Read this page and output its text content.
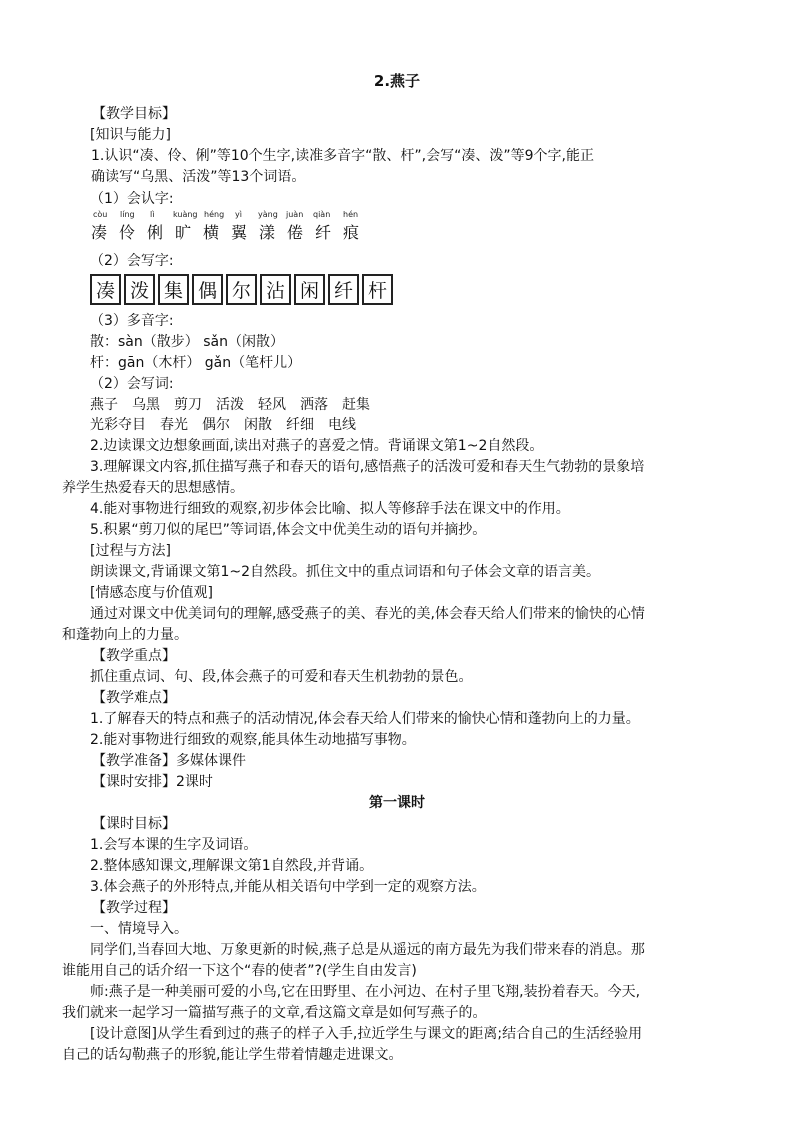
2.燕子
【教学目标】
[知识与能力]
1.认识“凑、伶、俐”等10个生字,读准多音字“散、杆”,会写“凑、泼”等9个字,能正
确读写“乌黑、活泼”等13个词语。
（1）会认字:
còu líng lì kuàng héng yì yàng juàn qiàn hén
凑 伶 俐 旷 横 翼 漾 倦 纤 痕
（2）会写字:
凑 泼 集 偶 尔 沾 闲 纤 杆
（3）多音字:
散：sàn（散步） sǎn（闲散）
杆：gān（木杆） gǎn（笔杆儿）
（2）会写词:
燕子 乌黑 剪刀 活泼 轻风 洒落 赶集
光彩夺目 春光 偶尔 闲散 纤细 电线
2.边读课文边想象画面,读出对燕子的喜爱之情。背诵课文第1~2自然段。
3.理解课文内容,抓住描写燕子和春天的语句,感悟燕子的活泼可爱和春天生气勃勃的景象培
养学生热爱春天的思想感情。
4.能对事物进行细致的观察,初步体会比喻、拟人等修辞手法在课文中的作用。
5.积累“剪刀似的尾巴”等词语,体会文中优美生动的语句并摘抄。
[过程与方法]
朗读课文,背诵课文第1~2自然段。抓住文中的重点词语和句子体会文章的语言美。
[情感态度与价值观]
通过对课文中优美词句的理解,感受燕子的美、春光的美,体会春天给人们带来的愉快的心情
和蓬勃向上的力量。
【教学重点】
抓住重点词、句、段,体会燕子的可爱和春天生机勃勃的景色。
【教学难点】
1.了解春天的特点和燕子的活动情况,体会春天给人们带来的愉快心情和蓬勃向上的力量。
2.能对事物进行细致的观察,能具体生动地描写事物。
【教学准备】多媒体课件
【课时安排】2课时
第一课时
【课时目标】
1.会写本课的生字及词语。
2.整体感知课文,理解课文第1自然段,并背诵。
3.体会燕子的外形特点,并能从相关语句中学到一定的观察方法。
【教学过程】
一、情境导入。
同学们,当春回大地、万象更新的时候,燕子总是从遥远的南方最先为我们带来春的消息。那
谁能用自己的话介绍一下这个“春的使者”?(学生自由发言)
师:燕子是一种美丽可爱的小鸟,它在田野里、在小河边、在村子里飞翔,装扮着春天。今天,
我们就来一起学习一篇描写燕子的文章,看这篇文章是如何写燕子的。
[设计意图]从学生看到过的燕子的样子入手,拉近学生与课文的距离;结合自己的生活经验用
自己的话勾勒燕子的形貌,能让学生带着情趣走进课文。
